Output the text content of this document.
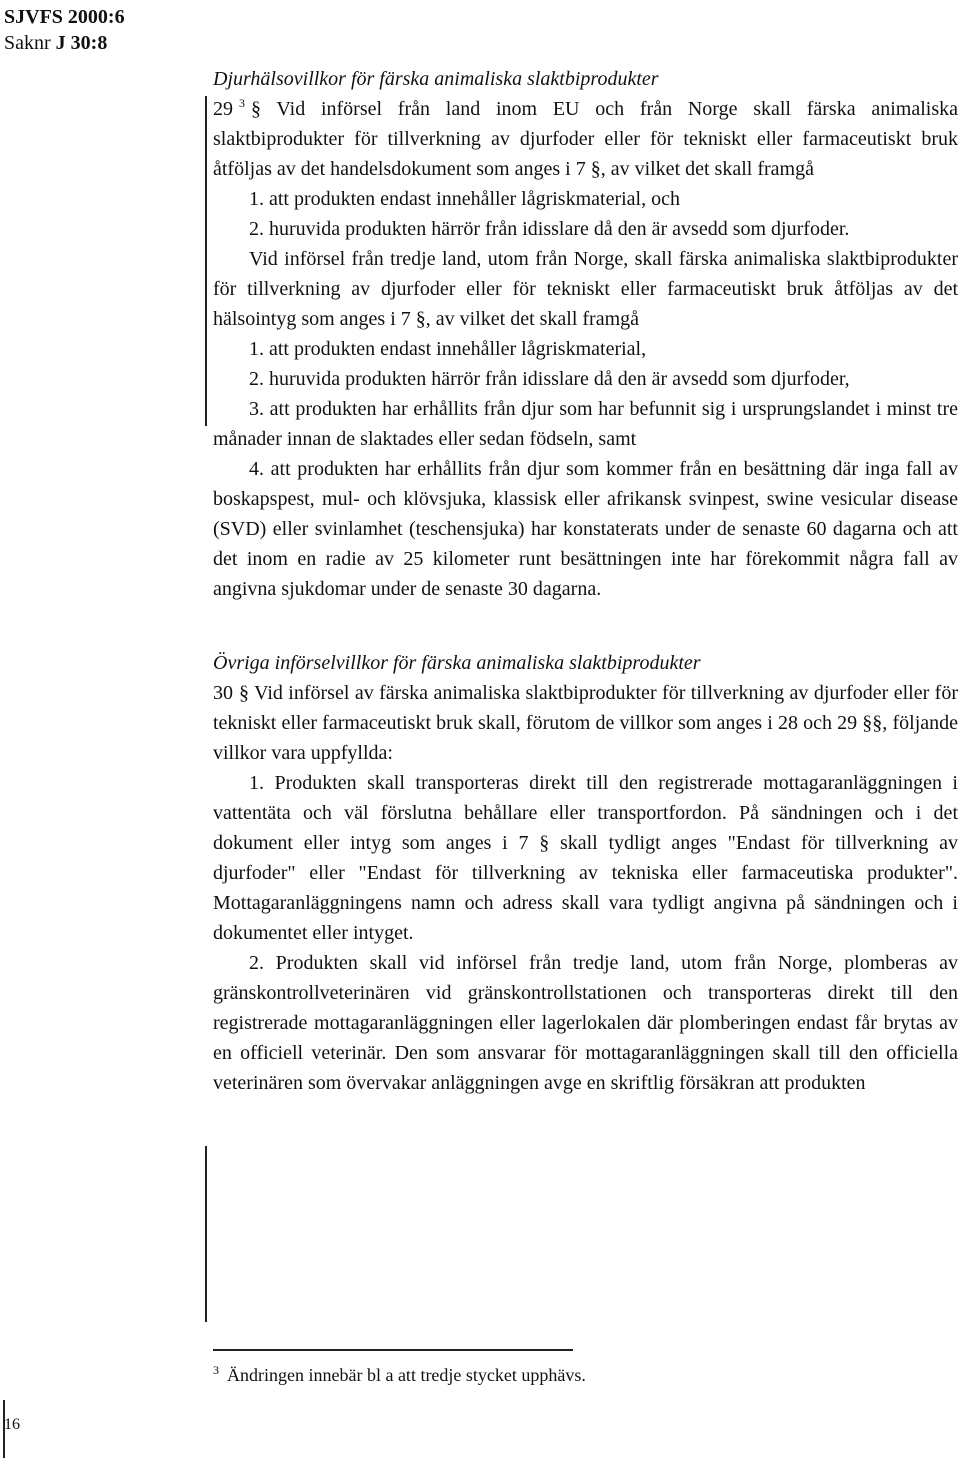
SJVFS 2000:6
Saknr J 30:8

Djurhälsovillkor för färska animaliska slaktbiprodukter

29 $^3$ § Vid införsel från land inom EU och från Norge skall färska animaliska slaktbiprodukter för tillverkning av djurfoder eller för tekniskt eller farmaceutiskt bruk åtföljas av det handelsdokument som anges i 7 §, av vilket det skall framgå

1. att produkten endast innehåller lågriskmaterial, och

2. huruvida produkten härrör från idisslare då den är avsedd som djurfoder.

Vid införsel från tredje land, utom från Norge, skall färska animaliska slaktbiprodukter för tillverkning av djurfoder eller för tekniskt eller farmaceutiskt bruk åtföljas av det hälsointyg som anges i 7 §, av vilket det skall framgå

1. att produkten endast innehåller lågriskmaterial,

2. huruvida produkten härrör från idisslare då den är avsedd som djurfoder,

3. att produkten har erhållits från djur som har befunnit sig i ursprungslandet i minst tre månader innan de slaktades eller sedan födseln, samt

4. att produkten har erhållits från djur som kommer från en besättning där inga fall av boskapspest, mul- och klövsjuka, klassisk eller afrikansk svinpest, swine vesicular disease (SVD) eller svinlamhet (teschensjuka) har konstaterats under de senaste 60 dagarna och att det inom en radie av 25 kilometer runt besättningen inte har förekommit några fall av angivna sjukdomar under de senaste 30 dagarna.

Övriga införselvillkor för färska animaliska slaktbiprodukter

30 § Vid införsel av färska animaliska slaktbiprodukter för tillverkning av djurfoder eller för tekniskt eller farmaceutiskt bruk skall, förutom de villkor som anges i 28 och 29 §§, följande villkor vara uppfyllda:

1. Produkten skall transporteras direkt till den registrerade mottagaranläggningen i vattentäta och väl förslutna behållare eller transportfordon. På sändningen och i det dokument eller intyg som anges i 7 § skall tydligt anges "Endast för tillverkning av djurfoder" eller "Endast för tillverkning av tekniska eller farmaceutiska produkter". Mottagaranläggningens namn och adress skall vara tydligt angivna på sändningen och i dokumentet eller intyget.

2. Produkten skall vid införsel från tredje land, utom från Norge, plomberas av gränskontrollveterinären vid gränskontrollstationen och transporteras direkt till den registrerade mottagaranläggningen eller lagerlokalen där plomberingen endast får brytas av en officiell veterinär. Den som ansvarar för mottagaranläggningen skall till den officiella veterinären som övervakar anläggningen avge en skriftlig försäkran att produkten

$^3$ Ändringen innebär bl a att tredje stycket upphävs.
16
